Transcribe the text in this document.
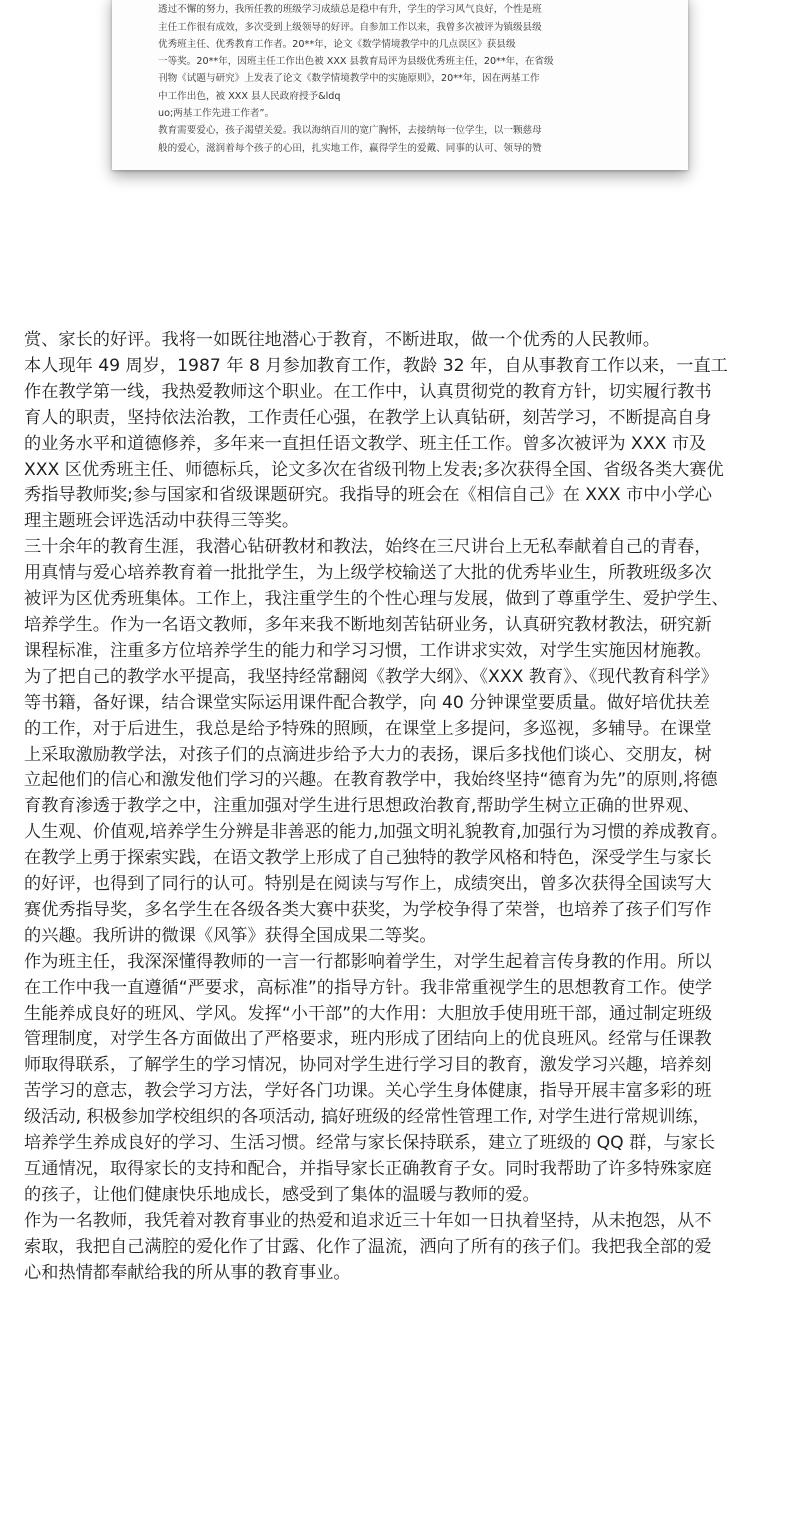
透过不懈的努力，我所任教的班级学习成绩总是稳中有升，学生的学习风气良好，个性是班
主任工作很有成效，多次受到上级领导的好评。自参加工作以来，我曾多次被评为镇级县级
优秀班主任、优秀教育工作者。20**年，论文《数学情境教学中的几点误区》获县级
一等奖。20**年，因班主任工作出色被 XXX 县教育局评为县级优秀班主任，20**年，在省级
刊物《试题与研究》上发表了论文《数学情境教学中的实施原则》，20**年，因在两基工作
中工作出色，被 XXX 县人民政府授予&ldq
uo;两基工作先进工作者”。
教育需要爱心，孩子渴望关爱。我以海纳百川的宽广胸怀，去接纳每一位学生，以一颗慈母
般的爱心，滋润着每个孩子的心田，扎实地工作，赢得学生的爱戴、同事的认可、领导的赞
赏、家长的好评。我将一如既往地潜心于教育，不断进取，做一个优秀的人民教师。
本人现年 49 周岁，1987 年 8 月参加教育工作，教龄 32 年，自从事教育工作以来，一直工
作在教学第一线，我热爱教师这个职业。在工作中，认真贯彻党的教育方针，切实履行教书
育人的职责，坚持依法治教，工作责任心强，在教学上认真钻研，刻苦学习，不断提高自身
的业务水平和道德修养，多年来一直担任语文教学、班主任工作。曾多次被评为 XXX 市及
XXX 区优秀班主任、师德标兵，论文多次在省级刊物上发表;多次获得全国、省级各类大赛优
秀指导教师奖;参与国家和省级课题研究。我指导的班会在《相信自己》在 XXX 市中小学心
理主题班会评选活动中获得三等奖。
三十余年的教育生涯，我潜心钻研教材和教法，始终在三尺讲台上无私奉献着自己的青春，
用真情与爱心培养教育着一批批学生，为上级学校输送了大批的优秀毕业生，所教班级多次
被评为区优秀班集体。工作上，我注重学生的个性心理与发展，做到了尊重学生、爱护学生、
培养学生。作为一名语文教师，多年来我不断地刻苦钻研业务，认真研究教材教法，研究新
课程标准，注重多方位培养学生的能力和学习习惯，工作讲求实效，对学生实施因材施教。
为了把自己的教学水平提高，我坚持经常翻阅《教学大纲》、《XXX 教育》、《现代教育科学》
等书籍，备好课，结合课堂实际运用课件配合教学，向 40 分钟课堂要质量。做好培优扶差
的工作，对于后进生，我总是给予特殊的照顾，在课堂上多提问，多巡视，多辅导。在课堂
上采取激励教学法，对孩子们的点滴进步给予大力的表扬，课后多找他们谈心、交朋友，树
立起他们的信心和激发他们学习的兴趣。在教育教学中，我始终坚持“德育为先”的原则,将德
育教育渗透于教学之中，注重加强对学生进行思想政治教育,帮助学生树立正确的世界观、
人生观、价值观,培养学生分辨是非善恶的能力,加强文明礼貌教育,加强行为习惯的养成教育。
在教学上勇于探索实践，在语文教学上形成了自己独特的教学风格和特色，深受学生与家长
的好评，也得到了同行的认可。特别是在阅读与写作上，成绩突出，曾多次获得全国读写大
赛优秀指导奖，多名学生在各级各类大赛中获奖，为学校争得了荣誉，也培养了孩子们写作
的兴趣。我所讲的微课《风筝》获得全国成果二等奖。
作为班主任，我深深懂得教师的一言一行都影响着学生，对学生起着言传身教的作用。所以
在工作中我一直遵循“严要求，高标准”的指导方针。我非常重视学生的思想教育工作。使学
生能养成良好的班风、学风。发挥“小干部”的大作用：大胆放手使用班干部，通过制定班级
管理制度，对学生各方面做出了严格要求，班内形成了团结向上的优良班风。经常与任课教
师取得联系，了解学生的学习情况，协同对学生进行学习目的教育，激发学习兴趣，培养刻
苦学习的意志，教会学习方法，学好各门功课。关心学生身体健康，指导开展丰富多彩的班
级活动, 积极参加学校组织的各项活动, 搞好班级的经常性管理工作, 对学生进行常规训练，
培养学生养成良好的学习、生活习惯。经常与家长保持联系，建立了班级的 QQ 群，与家长
互通情况，取得家长的支持和配合，并指导家长正确教育子女。同时我帮助了许多特殊家庭
的孩子，让他们健康快乐地成长，感受到了集体的温暖与教师的爱。
作为一名教师，我凭着对教育事业的热爱和追求近三十年如一日执着坚持，从未抱怨，从不
索取，我把自己满腔的爱化作了甘露、化作了温流，洒向了所有的孩子们。我把我全部的爱
心和热情都奉献给我的所从事的教育事业。
